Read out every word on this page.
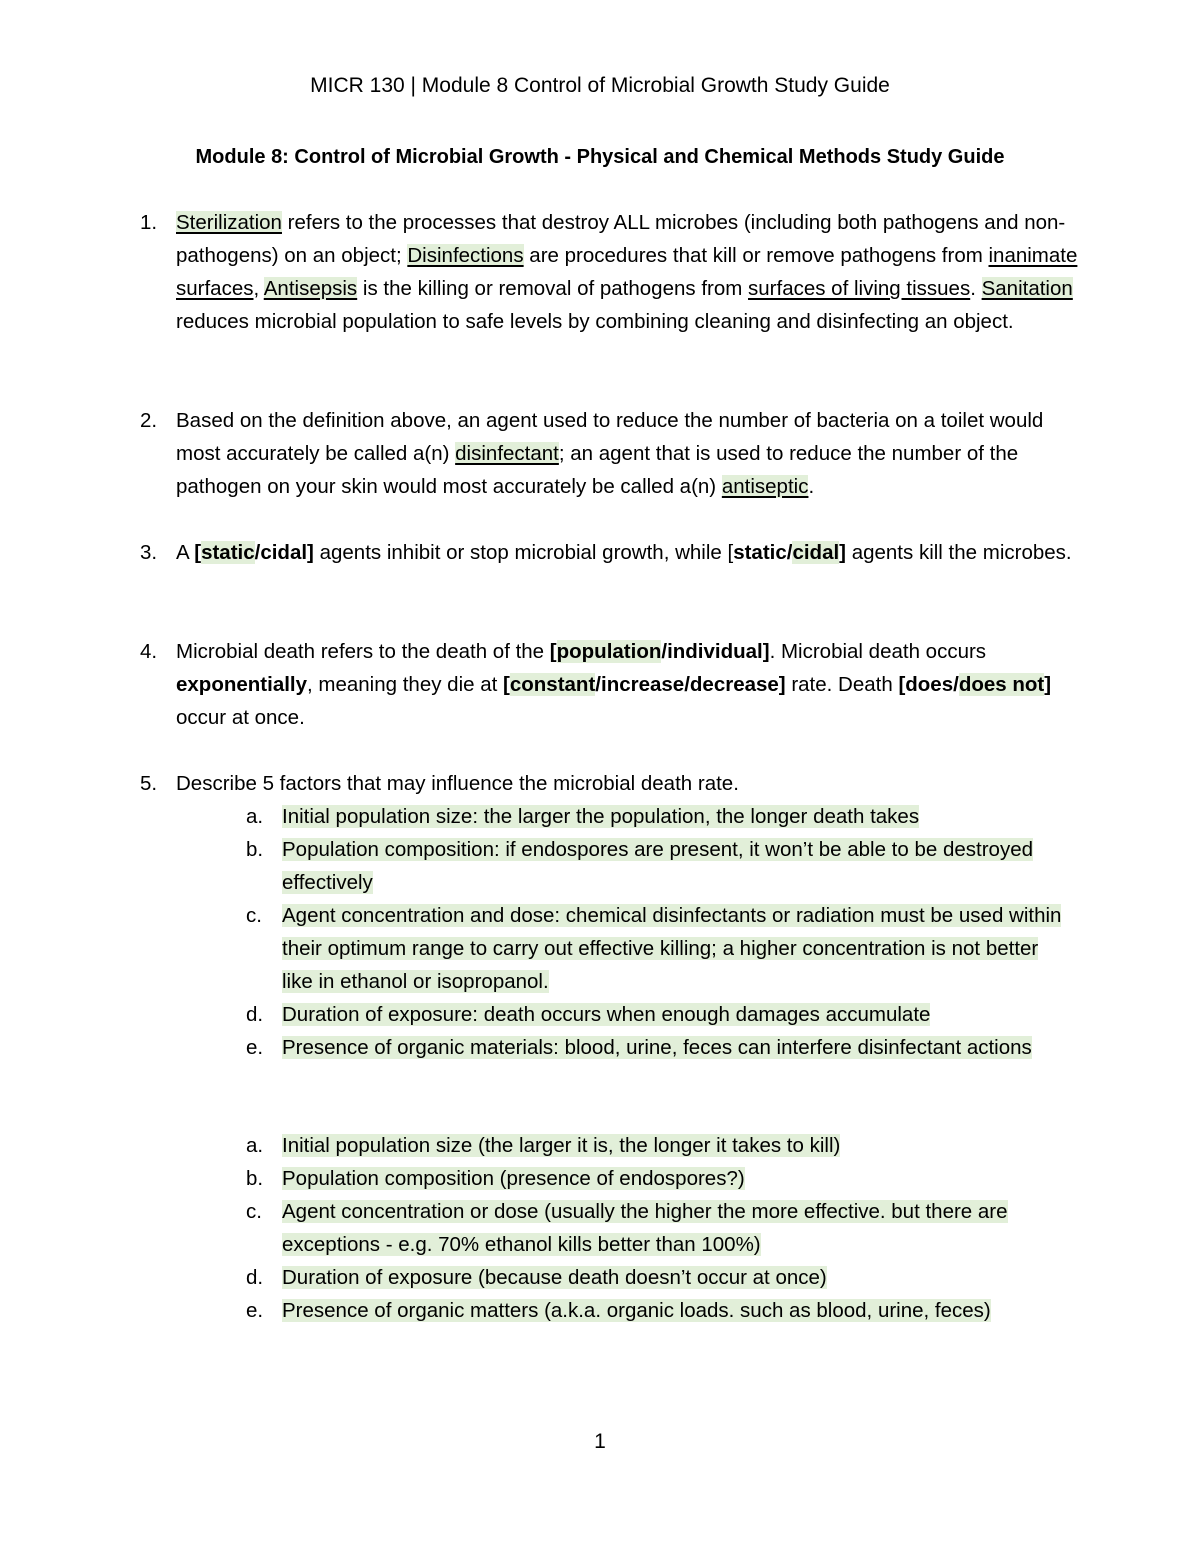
MICR 130 | Module 8 Control of Microbial Growth Study Guide
Module 8: Control of Microbial Growth - Physical and Chemical Methods Study Guide
1. Sterilization refers to the processes that destroy ALL microbes (including both pathogens and non-pathogens) on an object; Disinfections are procedures that kill or remove pathogens from inanimate surfaces, Antisepsis is the killing or removal of pathogens from surfaces of living tissues. Sanitation reduces microbial population to safe levels by combining cleaning and disinfecting an object.
2. Based on the definition above, an agent used to reduce the number of bacteria on a toilet would most accurately be called a(n) disinfectant; an agent that is used to reduce the number of the pathogen on your skin would most accurately be called a(n) antiseptic.
3. A [static/cidal] agents inhibit or stop microbial growth, while [static/cidal] agents kill the microbes.
4. Microbial death refers to the death of the [population/individual]. Microbial death occurs exponentially, meaning they die at [constant/increase/decrease] rate. Death [does/does not] occur at once.
5. Describe 5 factors that may influence the microbial death rate.
a. Initial population size: the larger the population, the longer death takes
b. Population composition: if endospores are present, it won’t be able to be destroyed effectively
c. Agent concentration and dose: chemical disinfectants or radiation must be used within their optimum range to carry out effective killing; a higher concentration is not better like in ethanol or isopropanol.
d. Duration of exposure: death occurs when enough damages accumulate
e. Presence of organic materials: blood, urine, feces can interfere disinfectant actions
a. Initial population size (the larger it is, the longer it takes to kill)
b. Population composition (presence of endospores?)
c. Agent concentration or dose (usually the higher the more effective. but there are exceptions - e.g. 70% ethanol kills better than 100%)
d. Duration of exposure (because death doesn’t occur at once)
e. Presence of organic matters (a.k.a. organic loads. such as blood, urine, feces)
1
